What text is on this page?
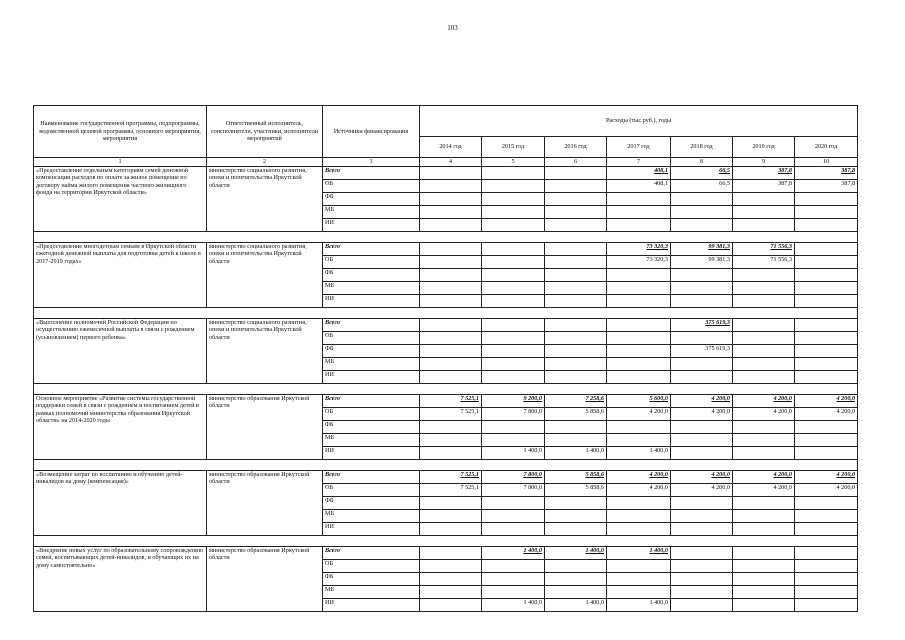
103
Наименование государственной программы, подпрограммы, ведомственной целевой программы, основного мероприятия, мероприятия	Ответственный исполнитель, соисполнители, участники, исполнители мероприятий	Источники финансирования	Расходы (тыс.руб.), годы						
			2014 год	2015 год	2016 год	2017 год	2018 год	2019 год	2020 год
1	2	3	4	5	6	7	8	9	10
«Предоставление отдельным категориям семей денежной компенсации расходов по оплате за жилое помещение по договору найма жилого помещения частного жилищного фонда на территории Иркутской области»	министерство социального развития, опеки и попечительства Иркутской области	Всего				408,1	66,5	387,8	387,8
		ОБ				408,1	66,5	387,8	387,8
		ФБ							
		МБ							
		ИИ							

«Предоставление многодетным семьям в Иркутской области ежегодной денежной выплаты для подготовки детей к школе в 2017-2019 годах»	министерство социального развития, опеки и попечительства Иркутской области	Всего				73 320,3	99 381,3	71 556,3	
		ОБ				73 320,3	99 381,3	71 556,3	
		ФБ							
		МБ							
		ИИ							

«Выполнение полномочий Российской Федерации по осуществлению ежемесячной выплаты в связи с рождением (усыновлением) первого ребенка»	министерство социального развития, опеки и попечительства Иркутской области	Всего					375 619,3		
		ОБ							
		ФБ					375 619,3		
		МБ							
		ИИ							

Основное мероприятие «Развитие системы государственной поддержки семей в связи с рождением и воспитанием детей в рамках полномочий министерства образования Иркутской области» на 2014-2020 годы	министерство образования Иркутской области	Всего	7 525,1	9 200,0	7 258,6	5 600,0	4 200,0	4 200,0	4 200,0
		ОБ	7 525,1	7 800,0	5 858,6	4 200,0	4 200,0	4 200,0	4 200,0
		ФБ							
		МБ							
		ИИ		1 400,0	1 400,0	1 400,0			

«Возмещение затрат по воспитанию и обучению детей-инвалидов на дому (компенсация)»	министерство образования Иркутской области	Всего	7 525,1	7 800,0	5 858,6	4 200,0	4 200,0	4 200,0	4 200,0
		ОБ	7 525,1	7 800,0	5 858,6	4 200,0	4 200,0	4 200,0	4 200,0
		ФБ							
		МБ							
		ИИ							

«Внедрение новых услуг по образовательному сопровождению семей, воспитывающих детей-инвалидов, и обучающих их на дому самостоятельно»	министерство образования Иркутской области	Всего		1 400,0	1 400,0	1 400,0			
		ОБ							
		ФБ							
		МБ							
		ИИ		1 400,0	1 400,0	1 400,0			
